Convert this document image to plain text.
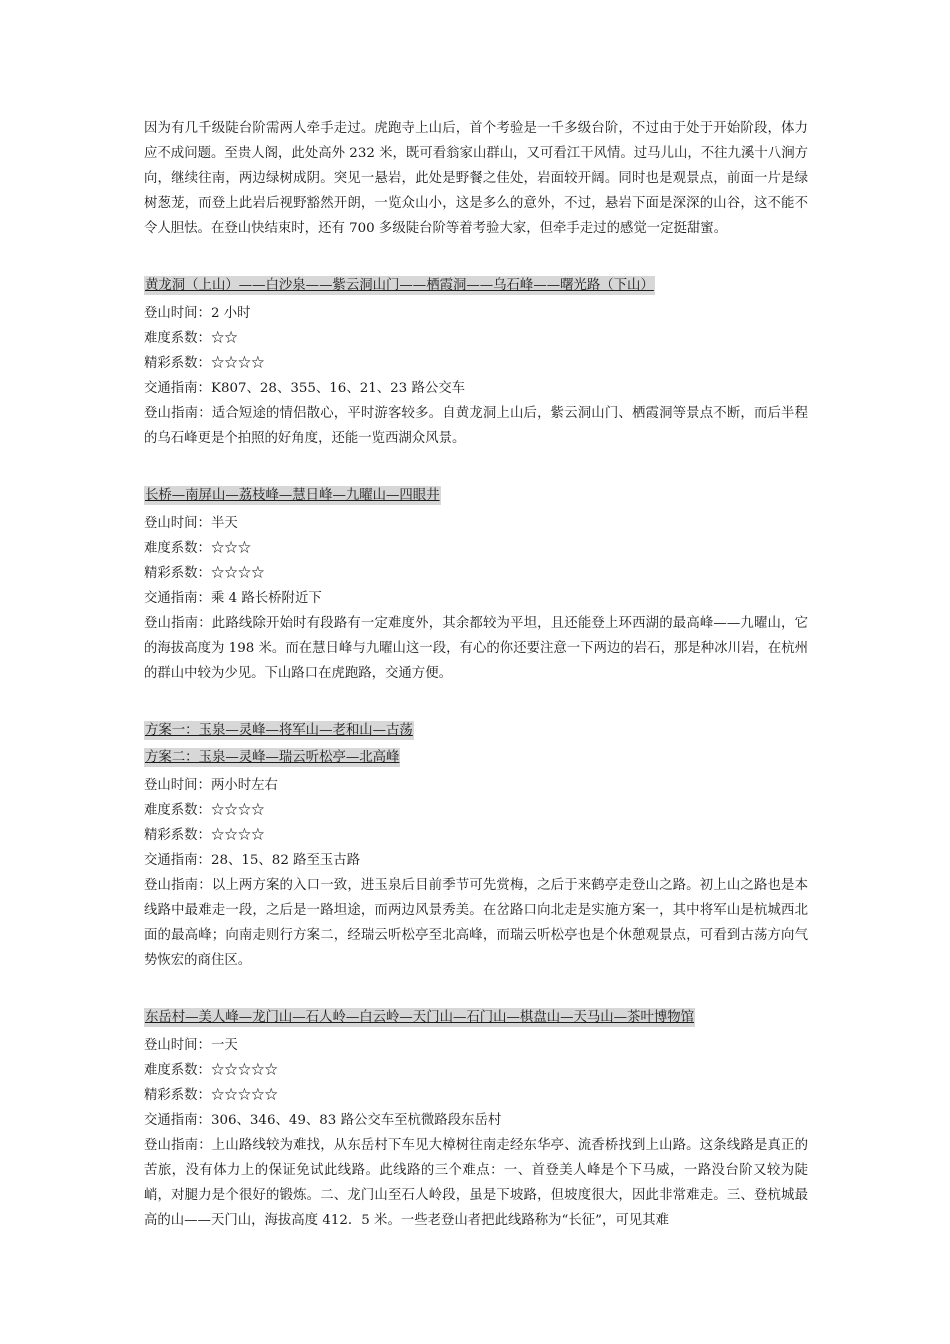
因为有几千级陡台阶需两人牵手走过。虎跑寺上山后，首个考验是一千多级台阶，不过由于处于开始阶段，体力应不成问题。至贵人阁，此处高外 232 米，既可看翁家山群山，又可看江干风情。过马儿山，不往九溪十八涧方向，继续往南，两边绿树成阴。突见一悬岩，此处是野餐之佳处，岩面较开阔。同时也是观景点，前面一片是绿树葱茏，而登上此岩后视野豁然开朗，一览众山小，这是多么的意外，不过，悬岩下面是深深的山谷，这不能不令人胆怯。在登山快结束时，还有 700 多级陡台阶等着考验大家，但牵手走过的感觉一定挺甜蜜。

黄龙洞（上山）——白沙泉——紫云洞山门——栖霞洞——乌石峰——曙光路（下山）

登山时间：2 小时

难度系数：☆☆

精彩系数：☆☆☆☆

交通指南：K807、28、355、16、21、23 路公交车

登山指南：适合短途的情侣散心，平时游客较多。自黄龙洞上山后，紫云洞山门、栖霞洞等景点不断，而后半程的乌石峰更是个拍照的好角度，还能一览西湖众风景。

长桥—南屏山—荔枝峰—慧日峰—九曜山—四眼井

登山时间：半天

难度系数：☆☆☆

精彩系数：☆☆☆☆

交通指南：乘 4 路长桥附近下

登山指南：此路线除开始时有段路有一定难度外，其余都较为平坦，且还能登上环西湖的最高峰——九曜山，它的海拔高度为 198 米。而在慧日峰与九曜山这一段，有心的你还要注意一下两边的岩石，那是种冰川岩，在杭州的群山中较为少见。下山路口在虎跑路，交通方便。

方案一：玉泉—灵峰—将军山—老和山—古荡
方案二：玉泉—灵峰—瑞云听松亭—北高峰

登山时间：两小时左右

难度系数：☆☆☆☆

精彩系数：☆☆☆☆

交通指南：28、15、82 路至玉古路

登山指南：以上两方案的入口一致，进玉泉后目前季节可先赏梅，之后于来鹤亭走登山之路。初上山之路也是本线路中最难走一段，之后是一路坦途，而两边风景秀美。在岔路口向北走是实施方案一，其中将军山是杭城西北面的最高峰；向南走则行方案二，经瑞云听松亭至北高峰，而瑞云听松亭也是个休憩观景点，可看到古荡方向气势恢宏的商住区。

东岳村—美人峰—龙门山—石人岭—白云岭—天门山—石门山—棋盘山—天马山—茶叶博物馆

登山时间：一天

难度系数：☆☆☆☆☆

精彩系数：☆☆☆☆☆

交通指南：306、346、49、83 路公交车至杭微路段东岳村

登山指南：上山路线较为难找，从东岳村下车见大樟树往南走经东华亭、流香桥找到上山路。这条线路是真正的苦旅，没有体力上的保证免试此线路。此线路的三个难点：一、首登美人峰是个下马威，一路没台阶又较为陡峭，对腿力是个很好的锻炼。二、龙门山至石人岭段，虽是下坡路，但坡度很大，因此非常难走。三、登杭城最高的山——天门山，海拔高度 412．5 米。一些老登山者把此线路称为“长征”，可见其难
